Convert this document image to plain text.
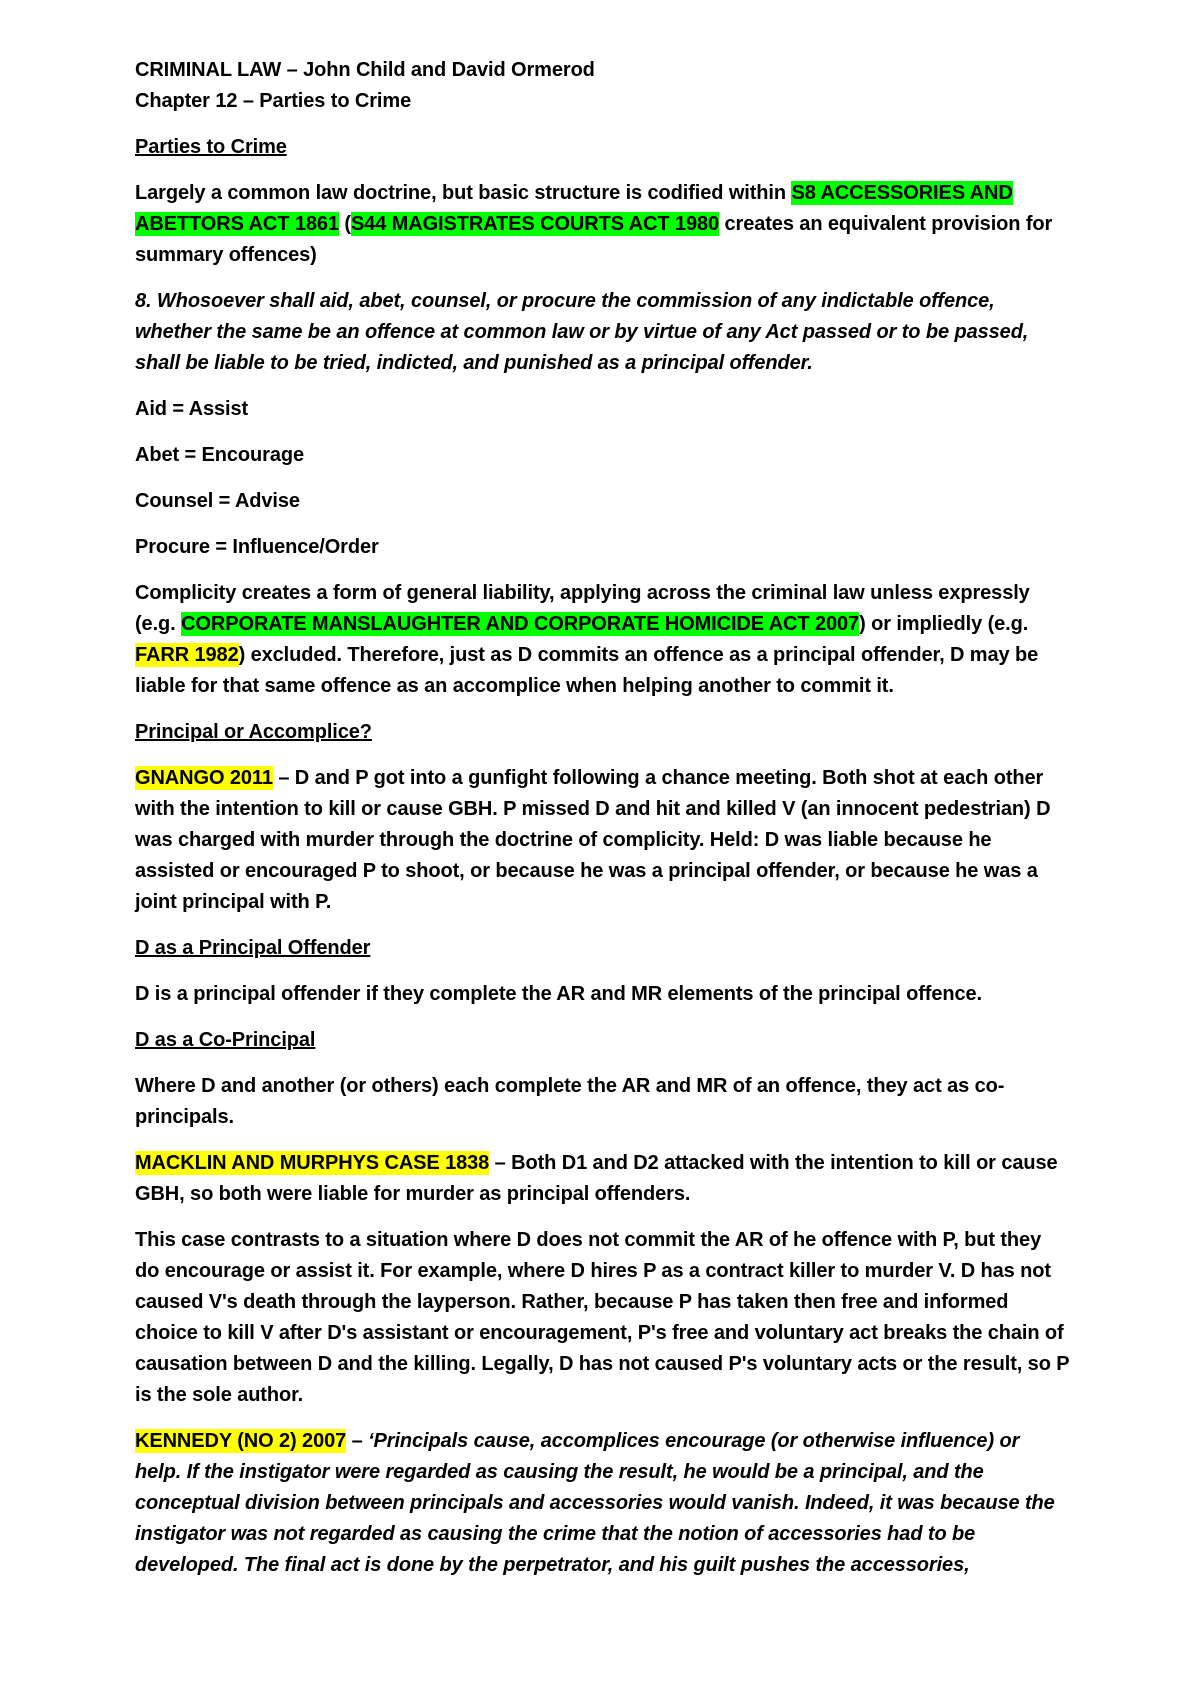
CRIMINAL LAW – John Child and David Ormerod
Chapter 12 – Parties to Crime
Parties to Crime
Largely a common law doctrine, but basic structure is codified within S8 ACCESSORIES AND ABETTORS ACT 1861 (S44 MAGISTRATES COURTS ACT 1980 creates an equivalent provision for summary offences)
8. Whosoever shall aid, abet, counsel, or procure the commission of any indictable offence, whether the same be an offence at common law or by virtue of any Act passed or to be passed, shall be liable to be tried, indicted, and punished as a principal offender.
Aid = Assist
Abet = Encourage
Counsel = Advise
Procure = Influence/Order
Complicity creates a form of general liability, applying across the criminal law unless expressly (e.g. CORPORATE MANSLAUGHTER AND CORPORATE HOMICIDE ACT 2007) or impliedly (e.g. FARR 1982) excluded. Therefore, just as D commits an offence as a principal offender, D may be liable for that same offence as an accomplice when helping another to commit it.
Principal or Accomplice?
GNANGO 2011 – D and P got into a gunfight following a chance meeting. Both shot at each other with the intention to kill or cause GBH. P missed D and hit and killed V (an innocent pedestrian) D was charged with murder through the doctrine of complicity. Held: D was liable because he assisted or encouraged P to shoot, or because he was a principal offender, or because he was a joint principal with P.
D as a Principal Offender
D is a principal offender if they complete the AR and MR elements of the principal offence.
D as a Co-Principal
Where D and another (or others) each complete the AR and MR of an offence, they act as co-principals.
MACKLIN AND MURPHYS CASE 1838 – Both D1 and D2 attacked with the intention to kill or cause GBH, so both were liable for murder as principal offenders.
This case contrasts to a situation where D does not commit the AR of he offence with P, but they do encourage or assist it. For example, where D hires P as a contract killer to murder V. D has not caused V's death through the layperson. Rather, because P has taken then free and informed choice to kill V after D's assistant or encouragement, P's free and voluntary act breaks the chain of causation between D and the killing. Legally, D has not caused P's voluntary acts or the result, so P is the sole author.
KENNEDY (NO 2) 2007 – ‘Principals cause, accomplices encourage (or otherwise influence) or help. If the instigator were regarded as causing the result, he would be a principal, and the conceptual division between principals and accessories would vanish. Indeed, it was because the instigator was not regarded as causing the crime that the notion of accessories had to be developed. The final act is done by the perpetrator, and his guilt pushes the accessories,
